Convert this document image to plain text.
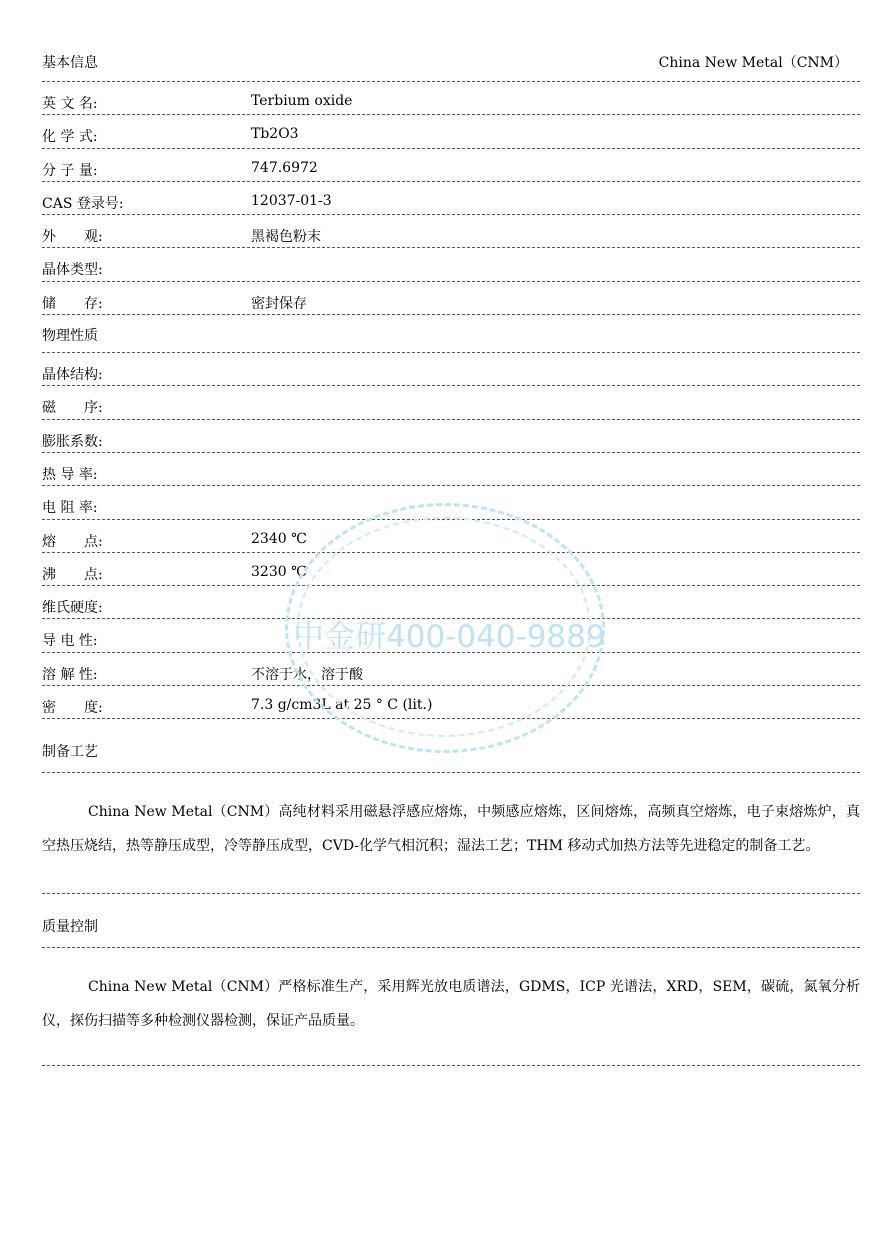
基本信息	China New Metal（CNM）
英 文 名:	Terbium oxide
化 学 式:	Tb2O3
分 子 量:	747.6972
CAS 登录号:	12037-01-3
外　　观:	黑褐色粉末
晶体类型:
储　　存:	密封保存
物理性质
晶体结构:
磁　　序:
膨胀系数:
热 导 率:
电 阻 率:
熔　　点:	2340 ℃
沸　　点:	3230 ℃
维氏硬度:
导 电 性:
溶 解 性:	不溶于水，溶于酸
密　　度:	7.3 g/cm3L at 25 ° C (lit.)
制备工艺

China New Metal（CNM）高纯材料采用磁悬浮感应熔炼，中频感应熔炼，区间熔炼，高频真空熔炼，电子束熔炼炉，真空热压烧结，热等静压成型，冷等静压成型，CVD-化学气相沉积；湿法工艺；THM 移动式加热方法等先进稳定的制备工艺。

质量控制

China New Metal（CNM）严格标准生产，采用辉光放电质谱法，GDMS，ICP 光谱法，XRD，SEM，碳硫，氮氧分析仪，探伤扫描等多种检测仪器检测，保证产品质量。

中金研400-040-9889
